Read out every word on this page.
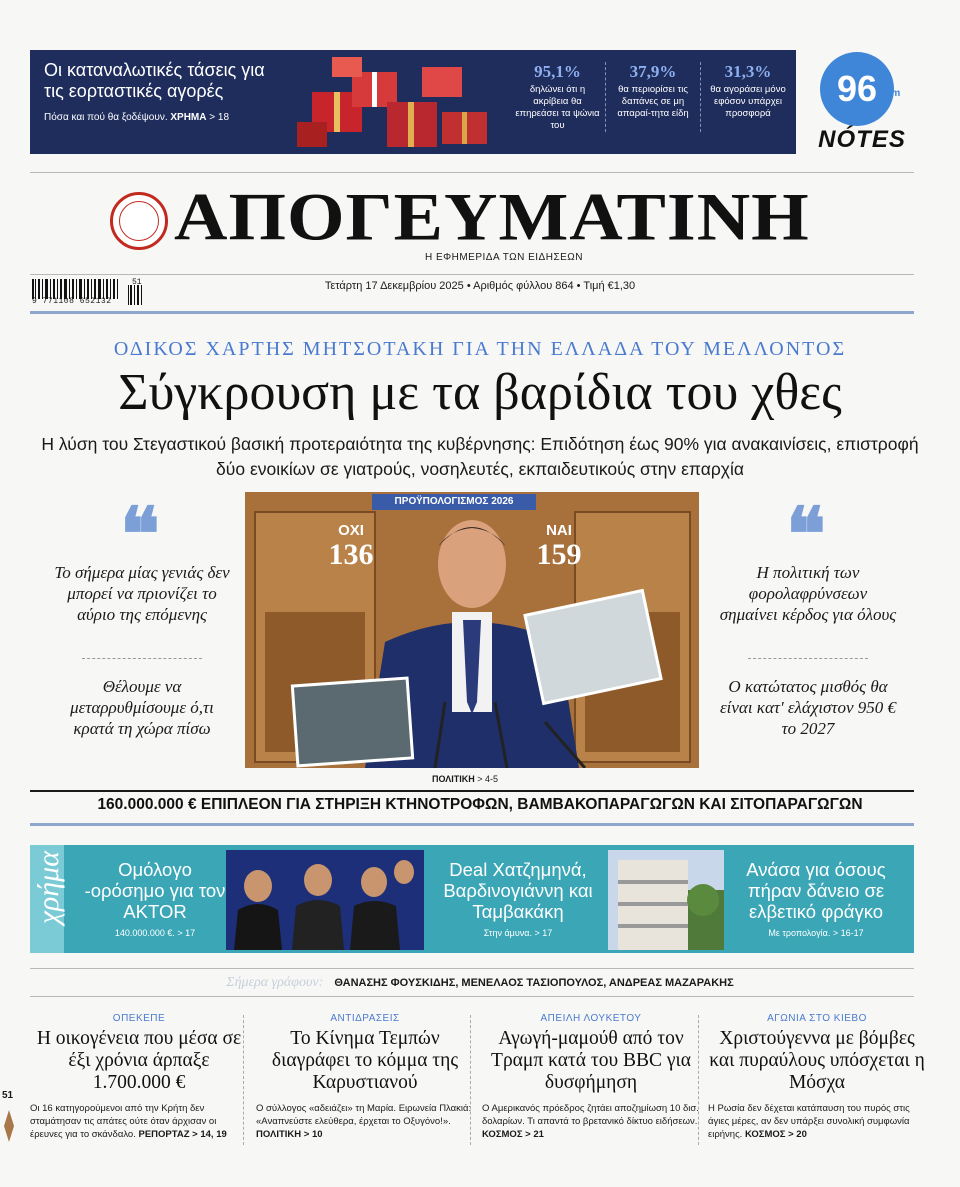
Οι καταναλωτικές τάσεις για τις εορταστικές αγορές
Πόσα και πού θα ξοδέψουν. ΧΡΗΜΑ > 18
95,1%
δηλώνει ότι η ακρίβεια θα επηρεάσει τα ψώνια του
37,9%
θα περιορίσει τις δαπάνες σε μη απαραί-τητα είδη
31,3%
θα αγοράσει μόνο εφόσον υπάρχει προσφορά
96	fm
NÓTES
ΑΠΟΓΕΥΜΑΤΙΝΗ
Η ΕΦΗΜΕΡΙΔΑ ΤΩΝ ΕΙΔΗΣΕΩΝ
9 771108 652132
51	Τετάρτη 17 Δεκεμβρίου 2025 • Αριθμός φύλλου 864 • Τιμή €1,30
ΟΔΙΚΟΣ ΧΑΡΤΗΣ ΜΗΤΣΟΤΑΚΗ ΓΙΑ ΤΗΝ ΕΛΛΑΔΑ ΤΟΥ ΜΕΛΛΟΝΤΟΣ
Σύγκρουση με τα βαρίδια του χθες
Η λύση του Στεγαστικού βασική προτεραιότητα της κυβέρνησης: Επιδότηση έως 90% για ανακαινίσεις, επιστροφή δύο ενοικίων σε γιατρούς, νοσηλευτές, εκπαιδευτικούς στην επαρχία
❝
Το σήμερα μίας γενιάς δεν μπορεί να πριονίζει το αύριο της επόμενης
Θέλουμε να μεταρρυθμίσουμε ό,τι κρατά τη χώρα πίσω
❝
Η πολιτική των φορολαφρύνσεων σημαίνει κέρδος για όλους
Ο κατώτατος μισθός θα είναι κατ' ελάχιστον 950 € το 2027
ΠΡΟΫΠΟΛΟΓΙΣΜΟΣ 2026
ΟΧΙ
136
ΝΑΙ
159
ΠΟΛΙΤΙΚΗ > 4-5
160.000.000 € ΕΠΙΠΛΕΟΝ ΓΙΑ ΣΤΗΡΙΞΗ ΚΤΗΝΟΤΡΟΦΩΝ, ΒΑΜΒΑΚΟΠΑΡΑΓΩΓΩΝ ΚΑΙ ΣΙΤΟΠΑΡΑΓΩΓΩΝ
χρήμα	Ομόλογο -ορόσημο για τον AKTOR
140.000.000 €. > 17
Deal Χατζημηνά, Βαρδινογιάννη και Ταμβακάκη
Στην άμυνα. > 17
Ανάσα για όσους πήραν δάνειο σε ελβετικό φράγκο
Με τροπολογία. > 16-17
Σήμερα γράφουν: ΘΑΝΑΣΗΣ ΦΟΥΣΚΙΔΗΣ, ΜΕΝΕΛΑΟΣ ΤΑΣΙΟΠΟΥΛΟΣ, ΑΝΔΡΕΑΣ ΜΑΖΑΡΑΚΗΣ
ΟΠΕΚΕΠΕ
Η οικογένεια που μέσα σε έξι χρόνια άρπαξε 1.700.000 €
Οι 16 κατηγορούμενοι από την Κρήτη δεν σταμάτησαν τις απάτες ούτε όταν άρχισαν οι έρευνες για το σκάνδαλο. ΡΕΠΟΡΤΑΖ > 14, 19
ΑΝΤΙΔΡΑΣΕΙΣ
Το Κίνημα Τεμπών διαγράφει το κόμμα της Καρυστιανού
Ο σύλλογος «αδειάζει» τη Μαρία. Ειρωνεία Πλακιά: «Αναπνεύστε ελεύθερα, έρχεται το Οξυγόνο!». ΠΟΛΙΤΙΚΗ > 10
ΑΠΕΙΛΗ ΛΟΥΚΕΤΟΥ
Αγωγή-μαμούθ από τον Τραμπ κατά του BBC για δυσφήμηση
Ο Αμερικανός πρόεδρος ζητάει αποζημίωση 10 δισ. δολαρίων. Τι απαντά το βρετανικό δίκτυο ειδήσεων. ΚΟΣΜΟΣ > 21
ΑΓΩΝΙΑ ΣΤΟ ΚΙΕΒΟ
Χριστούγεννα με βόμβες και πυραύλους υπόσχεται η Μόσχα
Η Ρωσία δεν δέχεται κατάπαυση του πυρός στις άγιες μέρες, αν δεν υπάρξει συνολική συμφωνία ειρήνης. ΚΟΣΜΟΣ > 20
51
